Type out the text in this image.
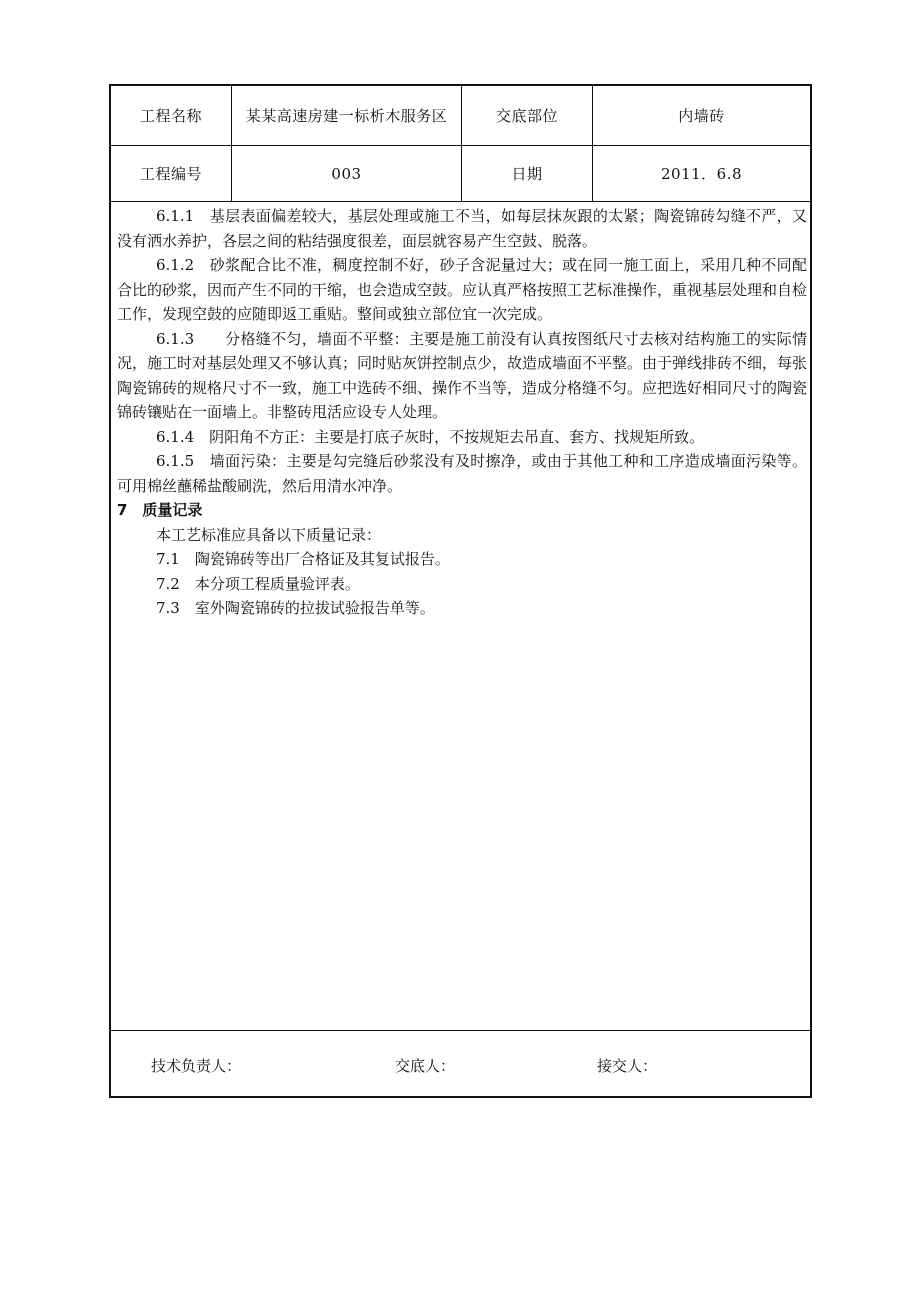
工程名称	某某高速房建一标析木服务区	交底部位	内墙砖
工程编号	003	日期	2011．6.8

6.1.1　基层表面偏差较大，基层处理或施工不当，如每层抹灰跟的太紧；陶瓷锦砖勾缝不严，又没有洒水养护，各层之间的粘结强度很差，面层就容易产生空鼓、脱落。

6.1.2　砂浆配合比不准，稠度控制不好，砂子含泥量过大；或在同一施工面上，采用几种不同配合比的砂浆，因而产生不同的干缩，也会造成空鼓。应认真严格按照工艺标准操作，重视基层处理和自检工作，发现空鼓的应随即返工重贴。整间或独立部位宜一次完成。

6.1.3　　分格缝不匀，墙面不平整：主要是施工前没有认真按图纸尺寸去核对结构施工的实际情况，施工时对基层处理又不够认真；同时贴灰饼控制点少，故造成墙面不平整。由于弹线排砖不细，每张陶瓷锦砖的规格尺寸不一致，施工中选砖不细、操作不当等，造成分格缝不匀。应把选好相同尺寸的陶瓷锦砖镶贴在一面墙上。非整砖甩活应设专人处理。

6.1.4　阴阳角不方正：主要是打底子灰时，不按规矩去吊直、套方、找规矩所致。

6.1.5　墙面污染：主要是勾完缝后砂浆没有及时擦净，或由于其他工种和工序造成墙面污染等。可用棉丝蘸稀盐酸刷洗，然后用清水冲净。

7　质量记录

本工艺标准应具备以下质量记录：

7.1　陶瓷锦砖等出厂合格证及其复试报告。

7.2　本分项工程质量验评表。

7.3　室外陶瓷锦砖的拉拔试验报告单等。

技术负责人：	交底人：	接交人：
